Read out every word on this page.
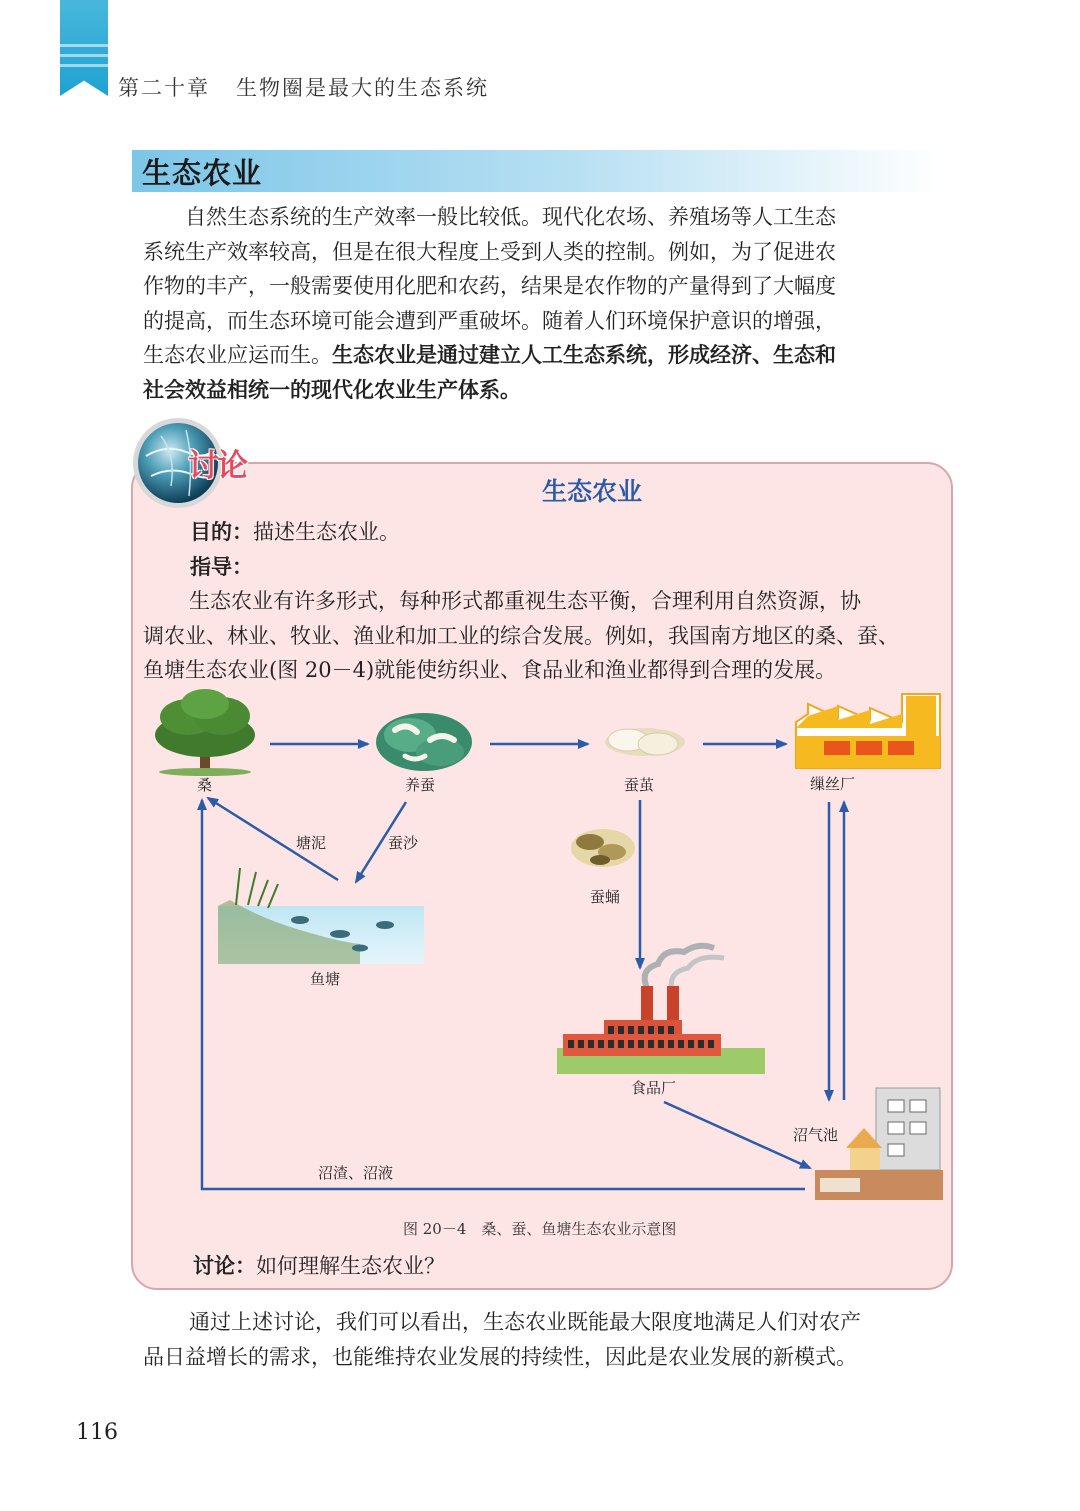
第二十章 生物圈是最大的生态系统
生态农业
自然生态系统的生产效率一般比较低。现代化农场、养殖场等人工生态
系统生产效率较高，但是在很大程度上受到人类的控制。例如，为了促进农
作物的丰产，一般需要使用化肥和农药，结果是农作物的产量得到了大幅度
的提高，而生态环境可能会遭到严重破坏。随着人们环境保护意识的增强，
生态农业应运而生。生态农业是通过建立人工生态系统，形成经济、生态和
社会效益相统一的现代化农业生产体系。
讨论
生态农业
目的：描述生态农业。
指导：
生态农业有许多形式，每种形式都重视生态平衡，合理利用自然资源，协
调农业、林业、牧业、渔业和加工业的综合发展。例如，我国南方地区的桑、蚕、
鱼塘生态农业(图 20－4)就能使纺织业、食品业和渔业都得到合理的发展。
桑	养蚕	蚕茧	缫丝厂
蚕沙
塘泥
鱼塘
蚕蛹
食品厂
沼气池
沼渣、沼液
图 20－4　桑、蚕、鱼塘生态农业示意图
讨论：如何理解生态农业？
通过上述讨论，我们可以看出，生态农业既能最大限度地满足人们对农产
品日益增长的需求，也能维持农业发展的持续性，因此是农业发展的新模式。
116
